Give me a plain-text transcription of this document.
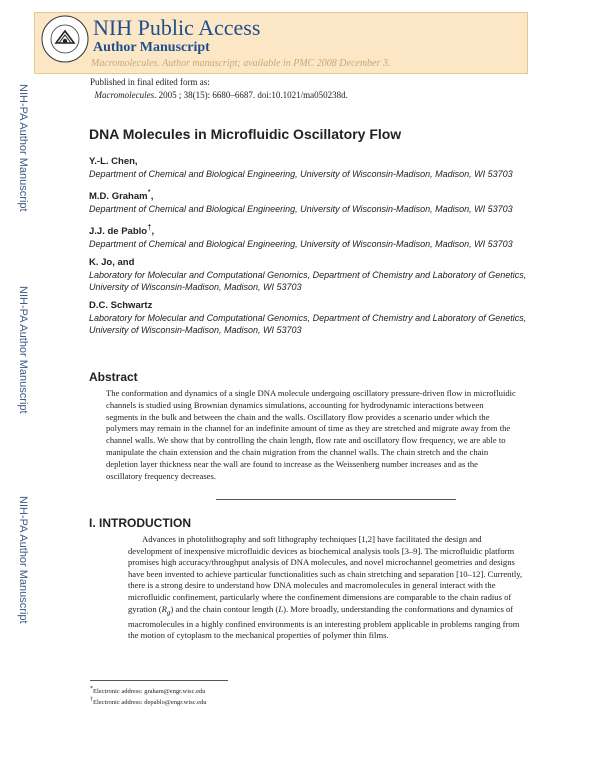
NIH Public Access
Author Manuscript
Macromolecules. Author manuscript; available in PMC 2008 December 3.
Published in final edited form as:
Macromolecules. 2005 ; 38(15): 6680–6687. doi:10.1021/ma050238d.
NIH-PA Author Manuscript
NIH-PA Author Manuscript
NIH-PA Author Manuscript
DNA Molecules in Microfluidic Oscillatory Flow
Y.-L. Chen,
Department of Chemical and Biological Engineering, University of Wisconsin-Madison, Madison, WI 53703
M.D. Graham*,
Department of Chemical and Biological Engineering, University of Wisconsin-Madison, Madison, WI 53703
J.J. de Pablo†,
Department of Chemical and Biological Engineering, University of Wisconsin-Madison, Madison, WI 53703
K. Jo, and
Laboratory for Molecular and Computational Genomics, Department of Chemistry and Laboratory of Genetics, University of Wisconsin-Madison, Madison, WI 53703
D.C. Schwartz
Laboratory for Molecular and Computational Genomics, Department of Chemistry and Laboratory of Genetics, University of Wisconsin-Madison, Madison, WI 53703
Abstract
The conformation and dynamics of a single DNA molecule undergoing oscillatory pressure-driven flow in microfluidic channels is studied using Brownian dynamics simulations, accounting for hydrodynamic interactions between segments in the bulk and between the chain and the walls. Oscillatory flow provides a scenario under which the polymers may remain in the channel for an indefinite amount of time as they are stretched and migrate away from the channel walls. We show that by controlling the chain length, flow rate and oscillatory flow frequency, we are able to manipulate the chain extension and the chain migration from the channel walls. The chain stretch and the chain depletion layer thickness near the wall are found to increase as the Weissenberg number increases and as the oscillatory frequency decreases.
I. INTRODUCTION
Advances in photolithography and soft lithography techniques [1,2] have facilitated the design and development of inexpensive microfluidic devices as biochemical analysis tools [3–9]. The microfluidic platform promises high accuracy/throughput analysis of DNA molecules, and novel microchannel geometries and designs have been invented to achieve particular functionalities such as chain stretching and separation [10–12]. Currently, there is a strong desire to understand how DNA molecules and macromolecules in general interact with the microfluidic confinement, particularly where the confinement dimensions are comparable to the chain radius of gyration $(R_g)$ and the chain contour length (L). More broadly, understanding the conformations and dynamics of macromolecules in a highly confined environments is an interesting problem applicable in problems ranging from the motion of cytoplasm to the mechanical properties of polymer thin films.
*Electronic address: graham@engr.wisc.edu
†Electronic address: depablo@engr.wisc.edu
